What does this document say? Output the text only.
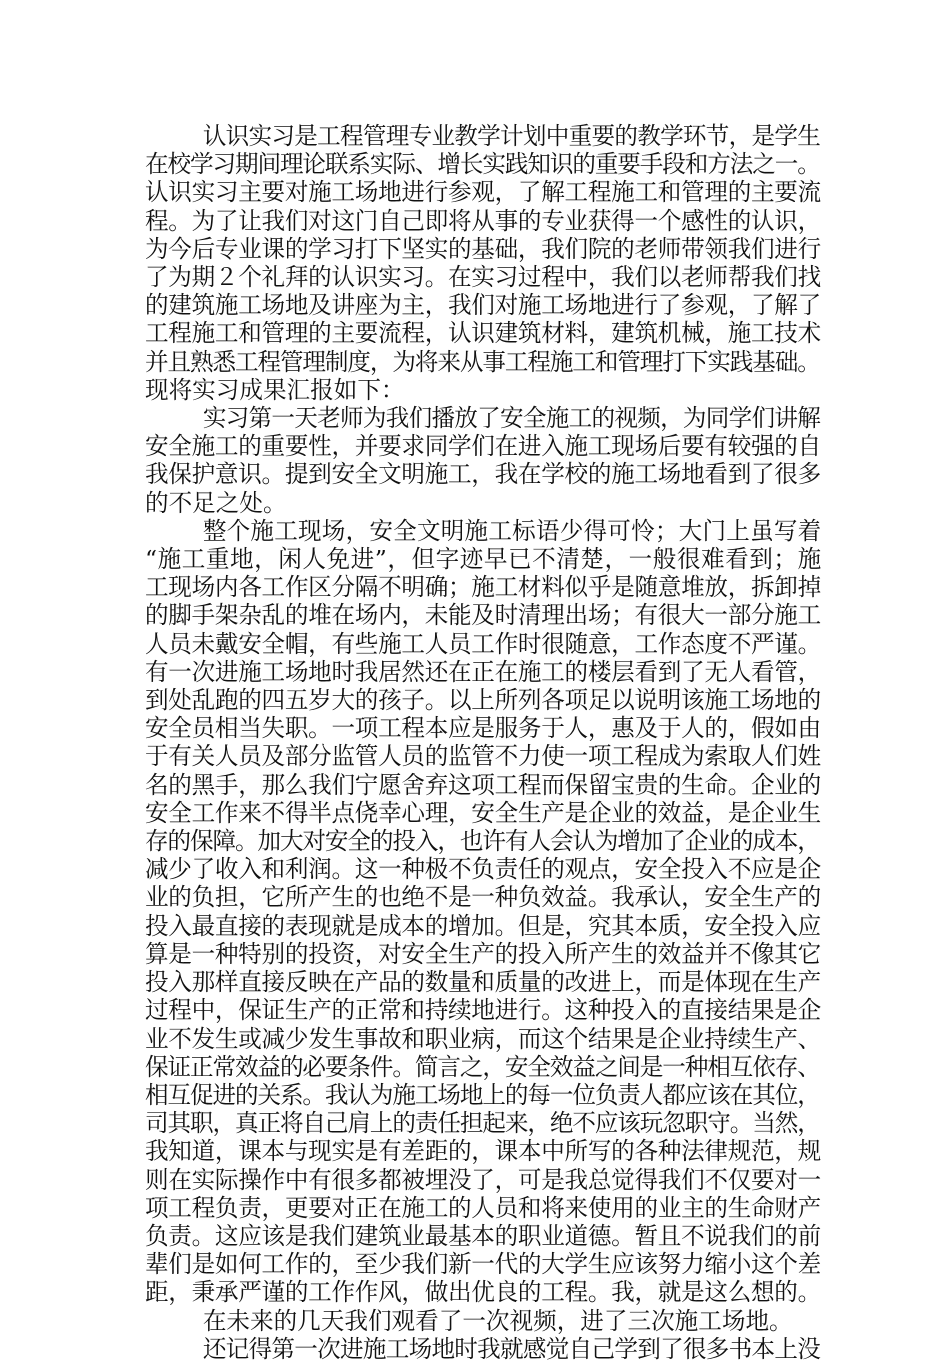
认识实习是工程管理专业教学计划中重要的教学环节，是学生
在校学习期间理论联系实际、增长实践知识的重要手段和方法之一。
认识实习主要对施工场地进行参观，了解工程施工和管理的主要流
程。为了让我们对这门自己即将从事的专业获得一个感性的认识，
为今后专业课的学习打下坚实的基础，我们院的老师带领我们进行
了为期２个礼拜的认识实习。在实习过程中，我们以老师帮我们找
的建筑施工场地及讲座为主，我们对施工场地进行了参观，了解了
工程施工和管理的主要流程，认识建筑材料，建筑机械，施工技术
并且熟悉工程管理制度，为将来从事工程施工和管理打下实践基础。
现将实习成果汇报如下：
实习第一天老师为我们播放了安全施工的视频，为同学们讲解
安全施工的重要性，并要求同学们在进入施工现场后要有较强的自
我保护意识。提到安全文明施工，我在学校的施工场地看到了很多
的不足之处。
整个施工现场，安全文明施工标语少得可怜；大门上虽写着
“施工重地，闲人免进”，但字迹早已不清楚，一般很难看到；施
工现场内各工作区分隔不明确；施工材料似乎是随意堆放，拆卸掉
的脚手架杂乱的堆在场内，未能及时清理出场；有很大一部分施工
人员未戴安全帽，有些施工人员工作时很随意，工作态度不严谨。
有一次进施工场地时我居然还在正在施工的楼层看到了无人看管，
到处乱跑的四五岁大的孩子。以上所列各项足以说明该施工场地的
安全员相当失职。一项工程本应是服务于人，惠及于人的，假如由
于有关人员及部分监管人员的监管不力使一项工程成为索取人们姓
名的黑手，那么我们宁愿舍弃这项工程而保留宝贵的生命。企业的
安全工作来不得半点侥幸心理，安全生产是企业的效益，是企业生
存的保障。加大对安全的投入，也许有人会认为增加了企业的成本，
减少了收入和利润。这一种极不负责任的观点，安全投入不应是企
业的负担，它所产生的也绝不是一种负效益。我承认，安全生产的
投入最直接的表现就是成本的增加。但是，究其本质，安全投入应
算是一种特别的投资，对安全生产的投入所产生的效益并不像其它
投入那样直接反映在产品的数量和质量的改进上，而是体现在生产
过程中，保证生产的正常和持续地进行。这种投入的直接结果是企
业不发生或减少发生事故和职业病，而这个结果是企业持续生产、
保证正常效益的必要条件。简言之，安全效益之间是一种相互依存、
相互促进的关系。我认为施工场地上的每一位负责人都应该在其位，
司其职，真正将自己肩上的责任担起来，绝不应该玩忽职守。当然，
我知道，课本与现实是有差距的，课本中所写的各种法律规范，规
则在实际操作中有很多都被埋没了，可是我总觉得我们不仅要对一
项工程负责，更要对正在施工的人员和将来使用的业主的生命财产
负责。这应该是我们建筑业最基本的职业道德。暂且不说我们的前
辈们是如何工作的，至少我们新一代的大学生应该努力缩小这个差
距，秉承严谨的工作作风，做出优良的工程。我，就是这么想的。
在未来的几天我们观看了一次视频，进了三次施工场地。
还记得第一次进施工场地时我就感觉自己学到了很多书本上没
